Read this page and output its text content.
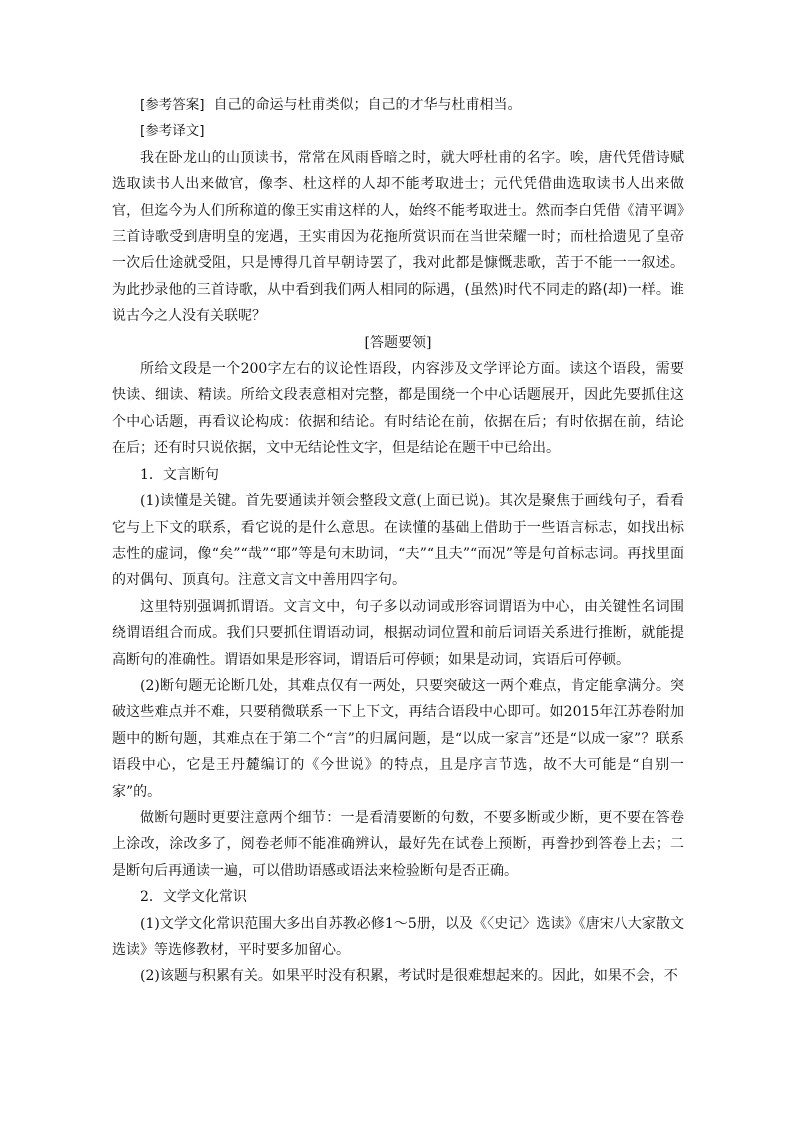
[参考答案] 自己的命运与杜甫类似；自己的才华与杜甫相当。

[参考译文]

我在卧龙山的山顶读书，常常在风雨昏暗之时，就大呼杜甫的名字。唉，唐代凭借诗赋选取读书人出来做官，像李、杜这样的人却不能考取进士；元代凭借曲选取读书人出来做官，但迄今为人们所称道的像王实甫这样的人，始终不能考取进士。然而李白凭借《清平调》三首诗歌受到唐明皇的宠遇，王实甫因为花拖所赏识而在当世荣耀一时；而杜拾遗见了皇帝一次后仕途就受阻，只是博得几首早朝诗罢了，我对此都是慷慨悲歌，苦于不能一一叙述。为此抄录他的三首诗歌，从中看到我们两人相同的际遇，(虽然)时代不同走的路(却)一样。谁说古今之人没有关联呢？

[答题要领]

所给文段是一个200字左右的议论性语段，内容涉及文学评论方面。读这个语段，需要快读、细读、精读。所给文段表意相对完整，都是围绕一个中心话题展开，因此先要抓住这个中心话题，再看议论构成：依据和结论。有时结论在前，依据在后；有时依据在前，结论在后；还有时只说依据，文中无结论性文字，但是结论在题干中已给出。

1．文言断句

(1)读懂是关键。首先要通读并领会整段文意(上面已说)。其次是聚焦于画线句子，看看它与上下文的联系，看它说的是什么意思。在读懂的基础上借助于一些语言标志，如找出标志性的虚词，像“矣”“哉”“耶”等是句末助词，“夫”“且夫”“而况”等是句首标志词。再找里面的对偶句、顶真句。注意文言文中善用四字句。

这里特别强调抓谓语。文言文中，句子多以动词或形容词谓语为中心，由关键性名词围绕谓语组合而成。我们只要抓住谓语动词，根据动词位置和前后词语关系进行推断，就能提高断句的准确性。谓语如果是形容词，谓语后可停顿；如果是动词，宾语后可停顿。

(2)断句题无论断几处，其难点仅有一两处，只要突破这一两个难点，肯定能拿满分。突破这些难点并不难，只要稍微联系一下上下文，再结合语段中心即可。如2015年江苏卷附加题中的断句题，其难点在于第二个“言”的归属问题，是“以成一家言”还是“以成一家”？联系语段中心，它是王丹麓编订的《今世说》的特点，且是序言节选，故不大可能是“自别一家”的。

做断句题时更要注意两个细节：一是看清要断的句数，不要多断或少断，更不要在答卷上涂改，涂改多了，阅卷老师不能准确辨认，最好先在试卷上预断，再誊抄到答卷上去；二是断句后再通读一遍，可以借助语感或语法来检验断句是否正确。

2．文学文化常识

(1)文学文化常识范围大多出自苏教必修1～5册，以及《〈史记〉选读》《唐宋八大家散文选读》等选修教材，平时要多加留心。

(2)该题与积累有关。如果平时没有积累，考试时是很难想起来的。因此，如果不会，不
